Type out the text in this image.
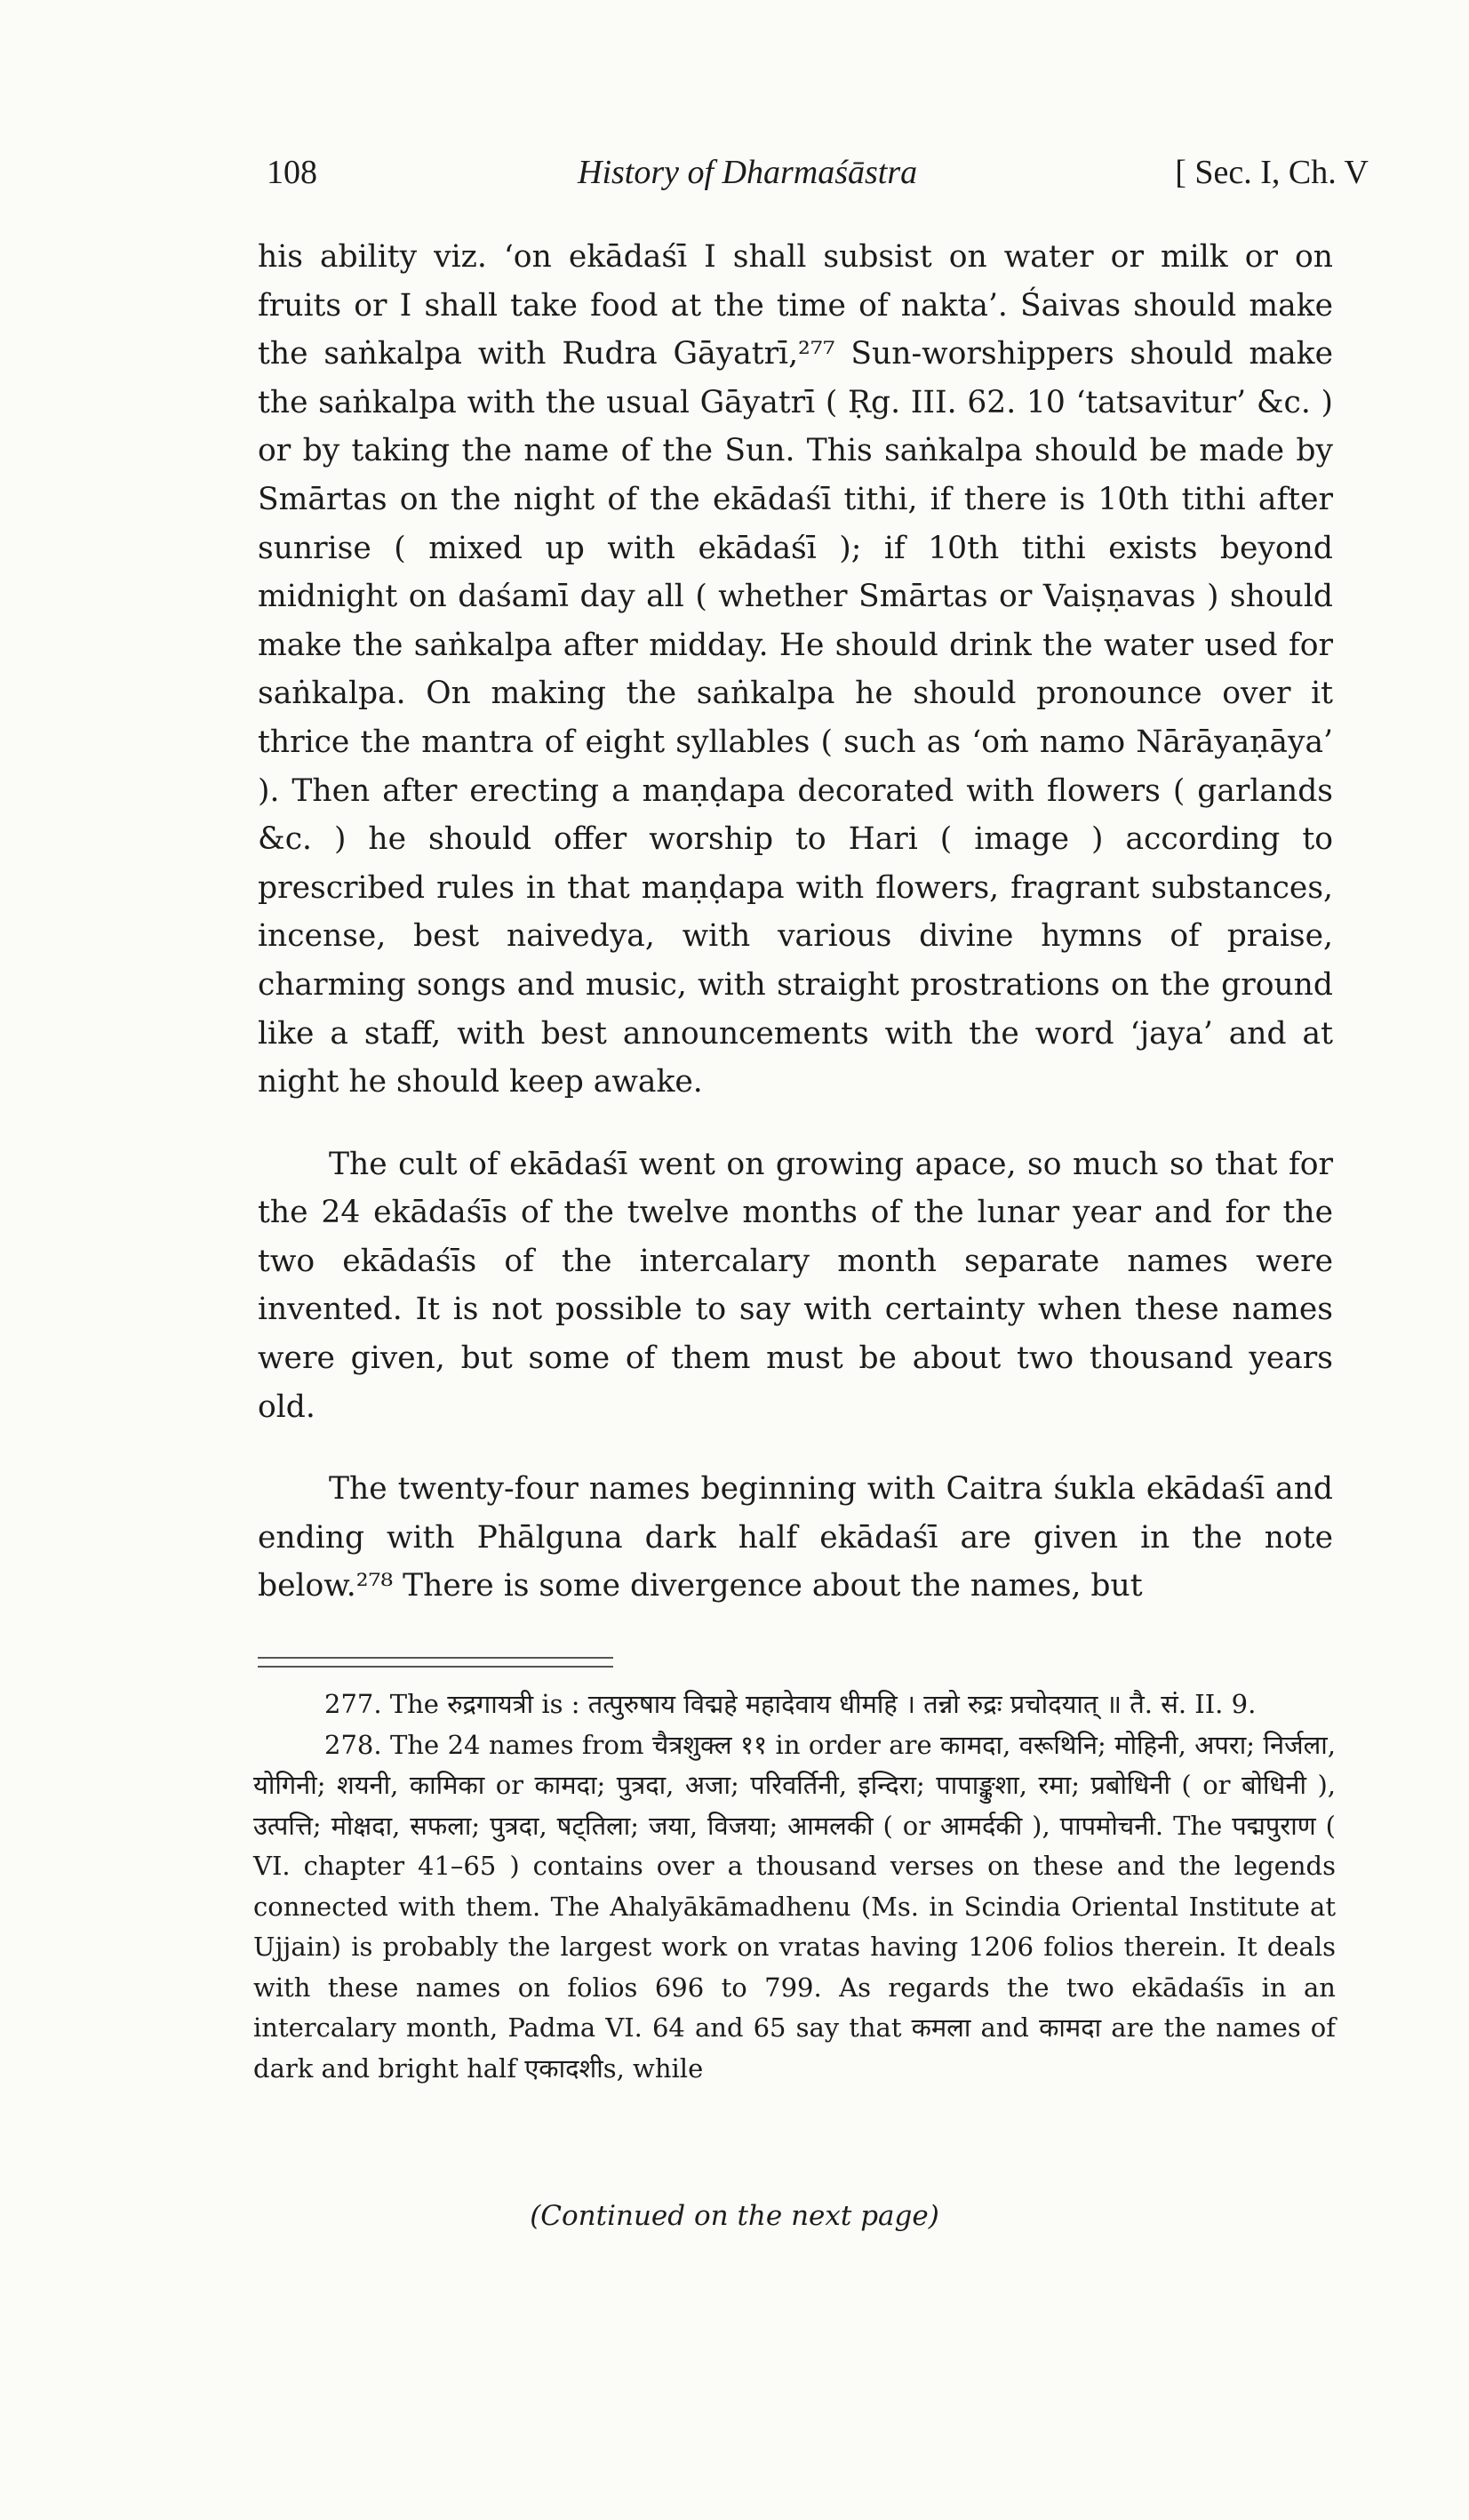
108	History of Dharmaśāstra	[ Sec. I, Ch. V

his ability viz. ‘on ekādaśī I shall subsist on water or milk or on fruits or I shall take food at the time of nakta’. Śaivas should make the saṅkalpa with Rudra Gāyatrī,²⁷⁷ Sun-worshippers should make the saṅkalpa with the usual Gāyatrī ( Ṛg. III. 62. 10 ‘tatsavitur’ &c. ) or by taking the name of the Sun. This saṅkalpa should be made by Smārtas on the night of the ekādaśī tithi, if there is 10th tithi after sunrise ( mixed up with ekādaśī ); if 10th tithi exists beyond midnight on daśamī day all ( whether Smārtas or Vaiṣṇavas ) should make the saṅkalpa after midday. He should drink the water used for saṅkalpa. On making the saṅkalpa he should pronounce over it thrice the mantra of eight syllables ( such as ‘oṁ namo Nārāyaṇāya’ ). Then after erecting a maṇḍapa decorated with flowers ( garlands &c. ) he should offer worship to Hari ( image ) according to prescribed rules in that maṇḍapa with flowers, fragrant substances, incense, best naivedya, with various divine hymns of praise, charming songs and music, with straight prostrations on the ground like a staff, with best announcements with the word ‘jaya’ and at night he should keep awake.

The cult of ekādaśī went on growing apace, so much so that for the 24 ekādaśīs of the twelve months of the lunar year and for the two ekādaśīs of the intercalary month separate names were invented. It is not possible to say with certainty when these names were given, but some of them must be about two thousand years old.

The twenty-four names beginning with Caitra śukla ekādaśī and ending with Phālguna dark half ekādaśī are given in the note below.²⁷⁸ There is some divergence about the names, but

277. The रुद्रगायत्री is : तत्पुरुषाय विद्महे महादेवाय धीमहि । तन्नो रुद्रः प्रचोदयात् ॥ तै. सं. II. 9.

278. The 24 names from चैत्रशुक्ल ११ in order are कामदा, वरूथिनि; मोहिनी, अपरा; निर्जला, योगिनी; शयनी, कामिका or कामदा; पुत्रदा, अजा; परिवर्तिनी, इन्दिरा; पापाङ्कुशा, रमा; प्रबोधिनी ( or बोधिनी ), उत्पत्ति; मोक्षदा, सफला; पुत्रदा, षट्तिला; जया, विजया; आमलकी ( or आमर्दकी ), पापमोचनी. The पद्मपुराण ( VI. chapter 41–65 ) contains over a thousand verses on these and the legends connected with them. The Ahalyākāmadhenu (Ms. in Scindia Oriental Institute at Ujjain) is probably the largest work on vratas having 1206 folios therein. It deals with these names on folios 696 to 799. As regards the two ekādaśīs in an intercalary month, Padma VI. 64 and 65 say that कमला and कामदा are the names of dark and bright half एकादशीs, while

(Continued on the next page)
